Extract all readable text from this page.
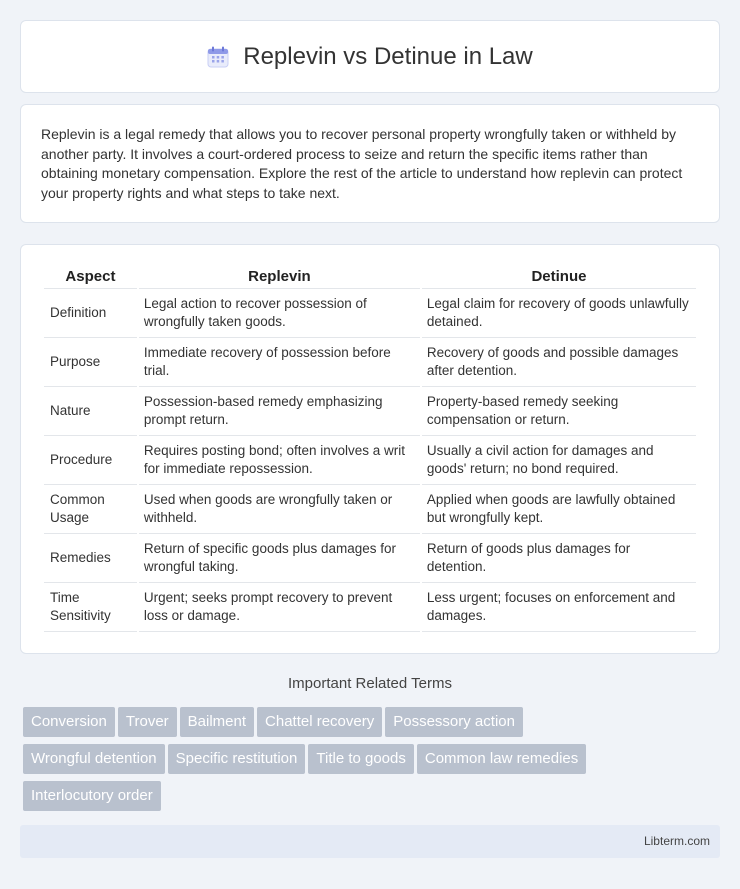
Replevin vs Detinue in Law

Replevin is a legal remedy that allows you to recover personal property wrongfully taken or withheld by another party. It involves a court-ordered process to seize and return the specific items rather than obtaining monetary compensation. Explore the rest of the article to understand how replevin can protect your property rights and what steps to take next.

Aspect	Replevin	Detinue
Definition	Legal action to recover possession of wrongfully taken goods.	Legal claim for recovery of goods unlawfully detained.
Purpose	Immediate recovery of possession before trial.	Recovery of goods and possible damages after detention.
Nature	Possession-based remedy emphasizing prompt return.	Property-based remedy seeking compensation or return.
Procedure	Requires posting bond; often involves a writ for immediate repossession.	Usually a civil action for damages and goods' return; no bond required.
Common Usage	Used when goods are wrongfully taken or withheld.	Applied when goods are lawfully obtained but wrongfully kept.
Remedies	Return of specific goods plus damages for wrongful taking.	Return of goods plus damages for detention.
Time Sensitivity	Urgent; seeks prompt recovery to prevent loss or damage.	Less urgent; focuses on enforcement and damages.
Important Related Terms
Conversion Trover Bailment Chattel recovery Possessory action
Wrongful detention Specific restitution Title to goods Common law remedies
Interlocutory order
Libterm.com
